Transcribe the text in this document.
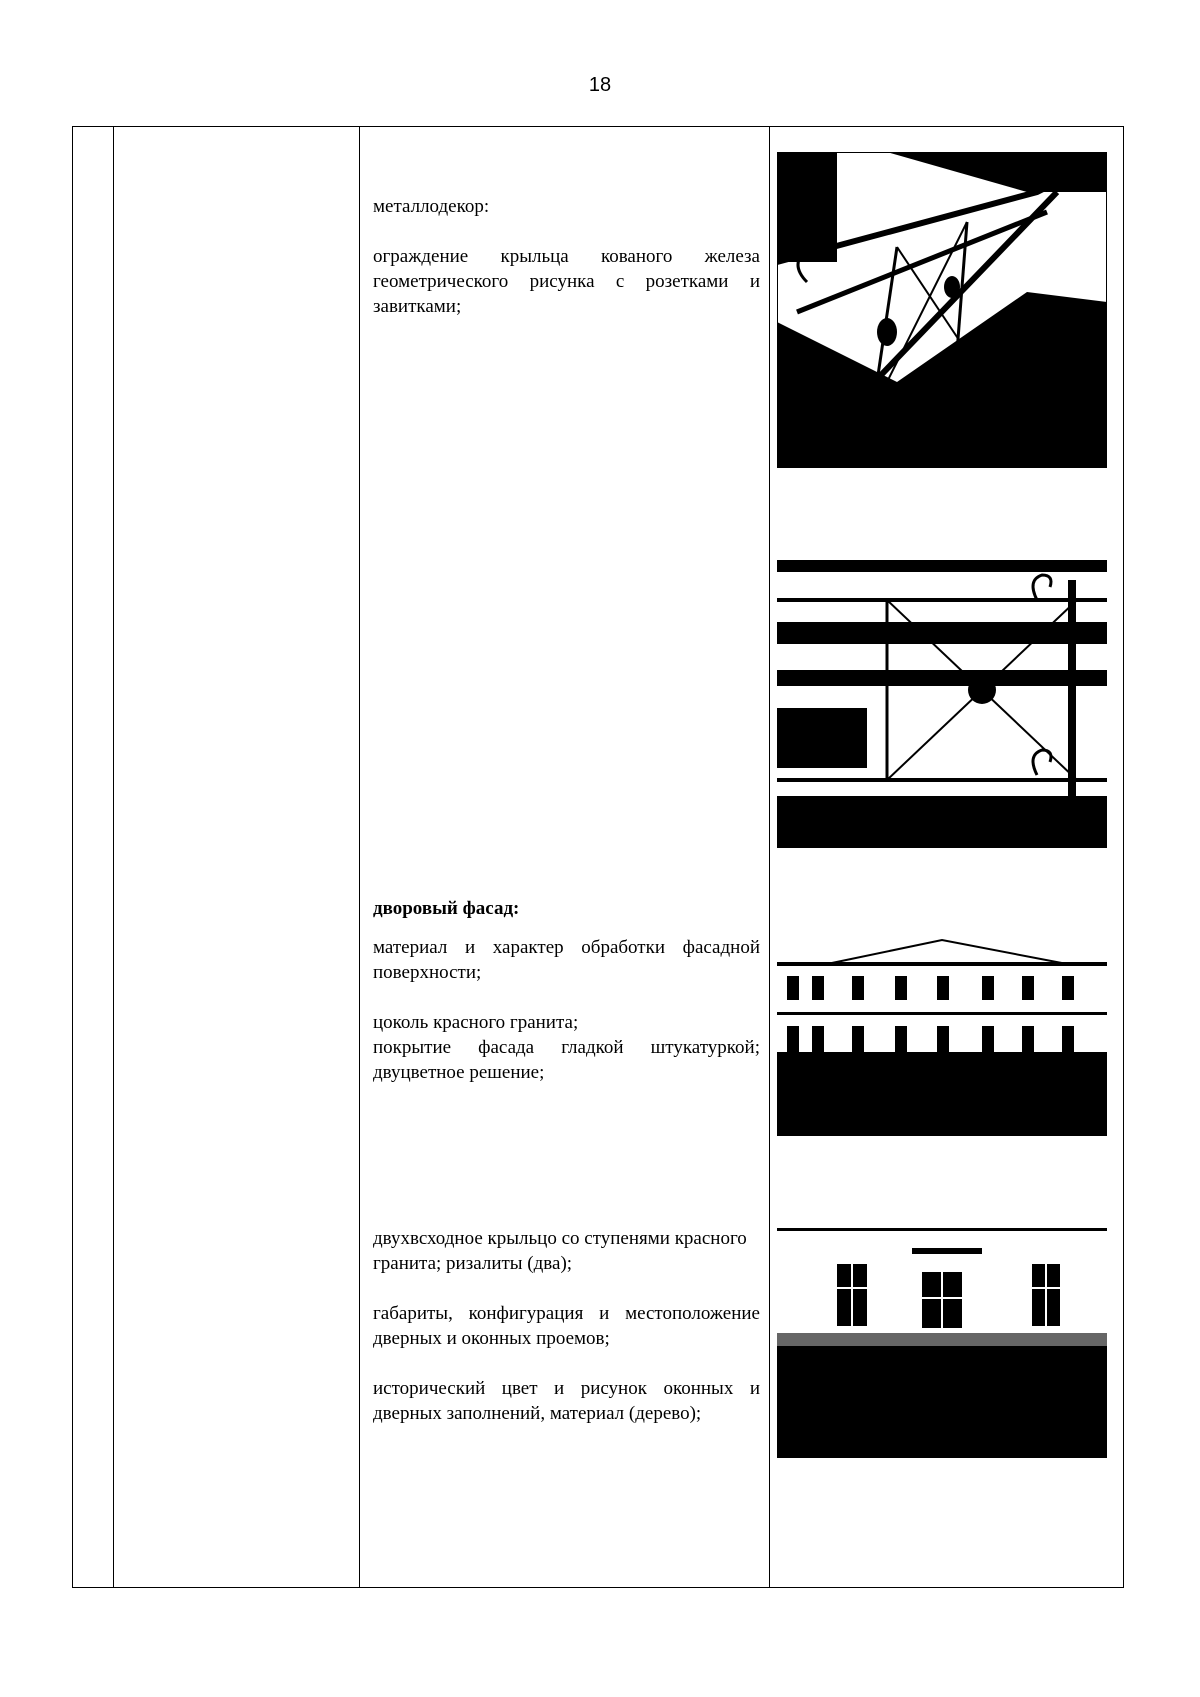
18

металлодекор:

ограждение крыльца кованого железа геометрического рисунка с розетками и завитками;

дворовый фасад:

материал и характер обработки фасадной поверхности;

цоколь красного гранита;

покрытие фасада гладкой штукатуркой;

двуцветное решение;

двухвсходное крыльцо со ступенями красного гранита; ризалиты (два);

габариты, конфигурация и местоположение дверных и оконных проемов;

исторический цвет и рисунок оконных и дверных заполнений, материал (дерево);
